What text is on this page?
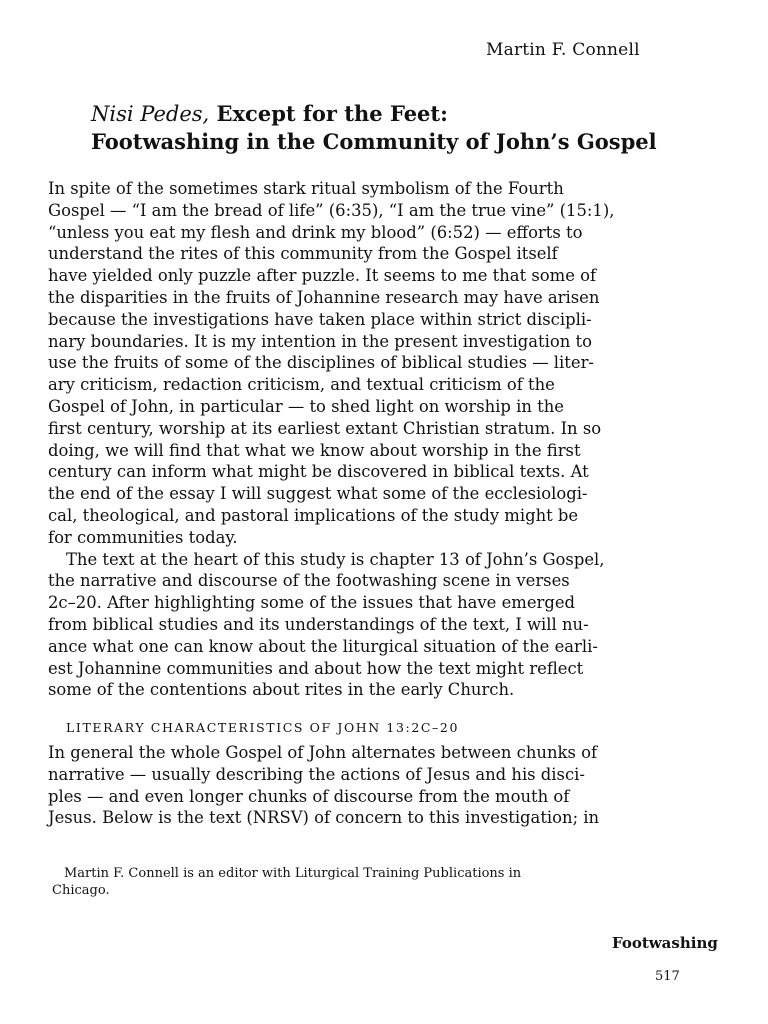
Martin F. Connell
Nisi Pedes, Except for the Feet:
Footwashing in the Community of John’s Gospel
In spite of the sometimes stark ritual symbolism of the Fourth
Gospel — “I am the bread of life” (6:35), “I am the true vine” (15:1),
“unless you eat my flesh and drink my blood” (6:52) — efforts to
understand the rites of this community from the Gospel itself
have yielded only puzzle after puzzle. It seems to me that some of
the disparities in the fruits of Johannine research may have arisen
because the investigations have taken place within strict discipli-
nary boundaries. It is my intention in the present investigation to
use the fruits of some of the disciplines of biblical studies — liter-
ary criticism, redaction criticism, and textual criticism of the
Gospel of John, in particular — to shed light on worship in the
first century, worship at its earliest extant Christian stratum. In so
doing, we will find that what we know about worship in the first
century can inform what might be discovered in biblical texts. At
the end of the essay I will suggest what some of the ecclesiologi-
cal, theological, and pastoral implications of the study might be
for communities today.
The text at the heart of this study is chapter 13 of John’s Gospel,
the narrative and discourse of the footwashing scene in verses
2c–20. After highlighting some of the issues that have emerged
from biblical studies and its understandings of the text, I will nu-
ance what one can know about the liturgical situation of the earli-
est Johannine communities and about how the text might reflect
some of the contentions about rites in the early Church.
LITERARY CHARACTERISTICS OF JOHN 13:2C–20
In general the whole Gospel of John alternates between chunks of
narrative — usually describing the actions of Jesus and his disci-
ples — and even longer chunks of discourse from the mouth of
Jesus. Below is the text (NRSV) of concern to this investigation; in
Martin F. Connell is an editor with Liturgical Training Publications in
Chicago.
Footwashing
517
